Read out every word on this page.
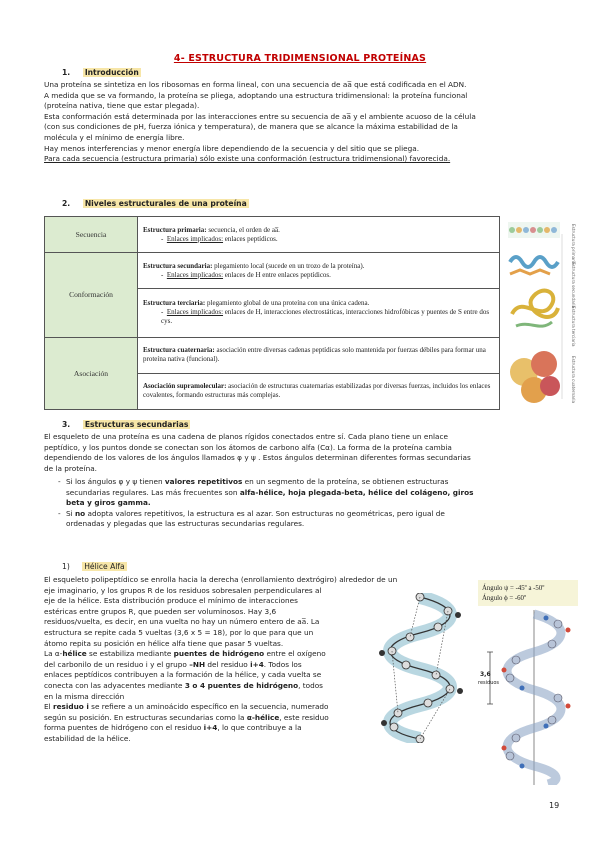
4- ESTRUCTURA TRIDIMENSIONAL PROTEÍNAS
1. Introducción
Una proteína se sintetiza en los ribosomas en forma lineal, con una secuencia de aa̅ que está codificada en el ADN.
A medida que se va formando, la proteína se pliega, adoptando una estructura tridimensional: la proteína funcional
(proteína nativa, tiene que estar plegada).
Esta conformación está determinada por las interacciones entre su secuencia de aa̅ y el ambiente acuoso de la célula
(con sus condiciones de pH, fuerza iónica y temperatura), de manera que se alcance la máxima estabilidad de la
molécula y el mínimo de energía libre.
Hay menos interferencias y menor energía libre dependiendo de la secuencia y del sitio que se pliega.
Para cada secuencia (estructura primaria) sólo existe una conformación (estructura tridimensional) favorecida.
2. Niveles estructurales de una proteína
Secuencia	Estructura primaria: secuencia, el orden de aa̅.
-  Enlaces implicados: enlaces peptídicos.

Conformación	Estructura secundaria: plegamiento local (sucede en un trozo de la proteína).
-  Enlaces implicados: enlaces de H entre enlaces peptídicos.

	Estructura terciaria: plegamiento global de una proteína con una única cadena.
-  Enlaces implicados: enlaces de H, interacciones electrostáticas, interacciones hidrofóbicas y puentes de S entre dos cys.

Asociación	Estructura cuaternaria: asociación entre diversas cadenas peptídicas solo mantenida por fuerzas débiles para formar una proteína nativa (funcional).

	Asociación supramolecular: asociación de estructuras cuaternarias estabilizadas por diversas fuerzas, incluidos los enlaces covalentes, formando estructuras más complejas.
Estructura primaria
Estructura secundaria
Estructura terciaria
Estructura cuaternaria
3. Estructuras secundarias
El esqueleto de una proteína es una cadena de planos rígidos conectados entre sí. Cada plano tiene un enlace
peptídico, y los puntos donde se conectan son los átomos de carbono alfa (Cα). La forma de la proteína cambia
dependiendo de los valores de los ángulos llamados φ y ψ . Estos ángulos determinan diferentes formas secundarias
de la proteína.
- Si los ángulos φ y ψ tienen valores repetitivos en un segmento de la proteína, se obtienen estructuras
secundarias regulares. Las más frecuentes son alfa-hélice, hoja plegada-beta, hélice del colágeno, giros
beta y giros gamma.
- Si no adopta valores repetitivos, la estructura es al azar. Son estructuras no geométricas, pero igual de
ordenadas y plegadas que las estructuras secundarias regulares.
1) Hélice Alfa
El esqueleto polipeptídico se enrolla hacia la derecha (enrollamiento dextrógiro) alrededor de un
eje imaginario, y los grupos R de los residuos sobresalen perpendiculares al
eje de la hélice. Esta distribución produce el mínimo de interacciones
estéricas entre grupos R, que pueden ser voluminosos. Hay 3,6
residuos/vuelta, es decir, en una vuelta no hay un número entero de aa̅. La
estructura se repite cada 5 vueltas (3,6 x 5 = 18), por lo que para que un
átomo repita su posición en hélice alfa tiene que pasar 5 vueltas.
La α-hélice se estabiliza mediante puentes de hidrógeno entre el oxígeno
del carbonilo de un residuo i y el grupo –NH del residuo i+4. Todos los
enlaces peptídicos contribuyen a la formación de la hélice, y cada vuelta se
conecta con las adyacentes mediante 3 o 4 puentes de hidrógeno, todos
en la misma dirección
El residuo i se refiere a un aminoácido específico en la secuencia, numerado
según su posición. En estructuras secundarias como la α-hélice, este residuo
forma puentes de hidrógeno con el residuo i+4, lo que contribuye a la
estabilidad de la hélice.
Ángulo ψ = -45º a -50º
Ángulo ϕ = -60º
3,6
residuos
19
